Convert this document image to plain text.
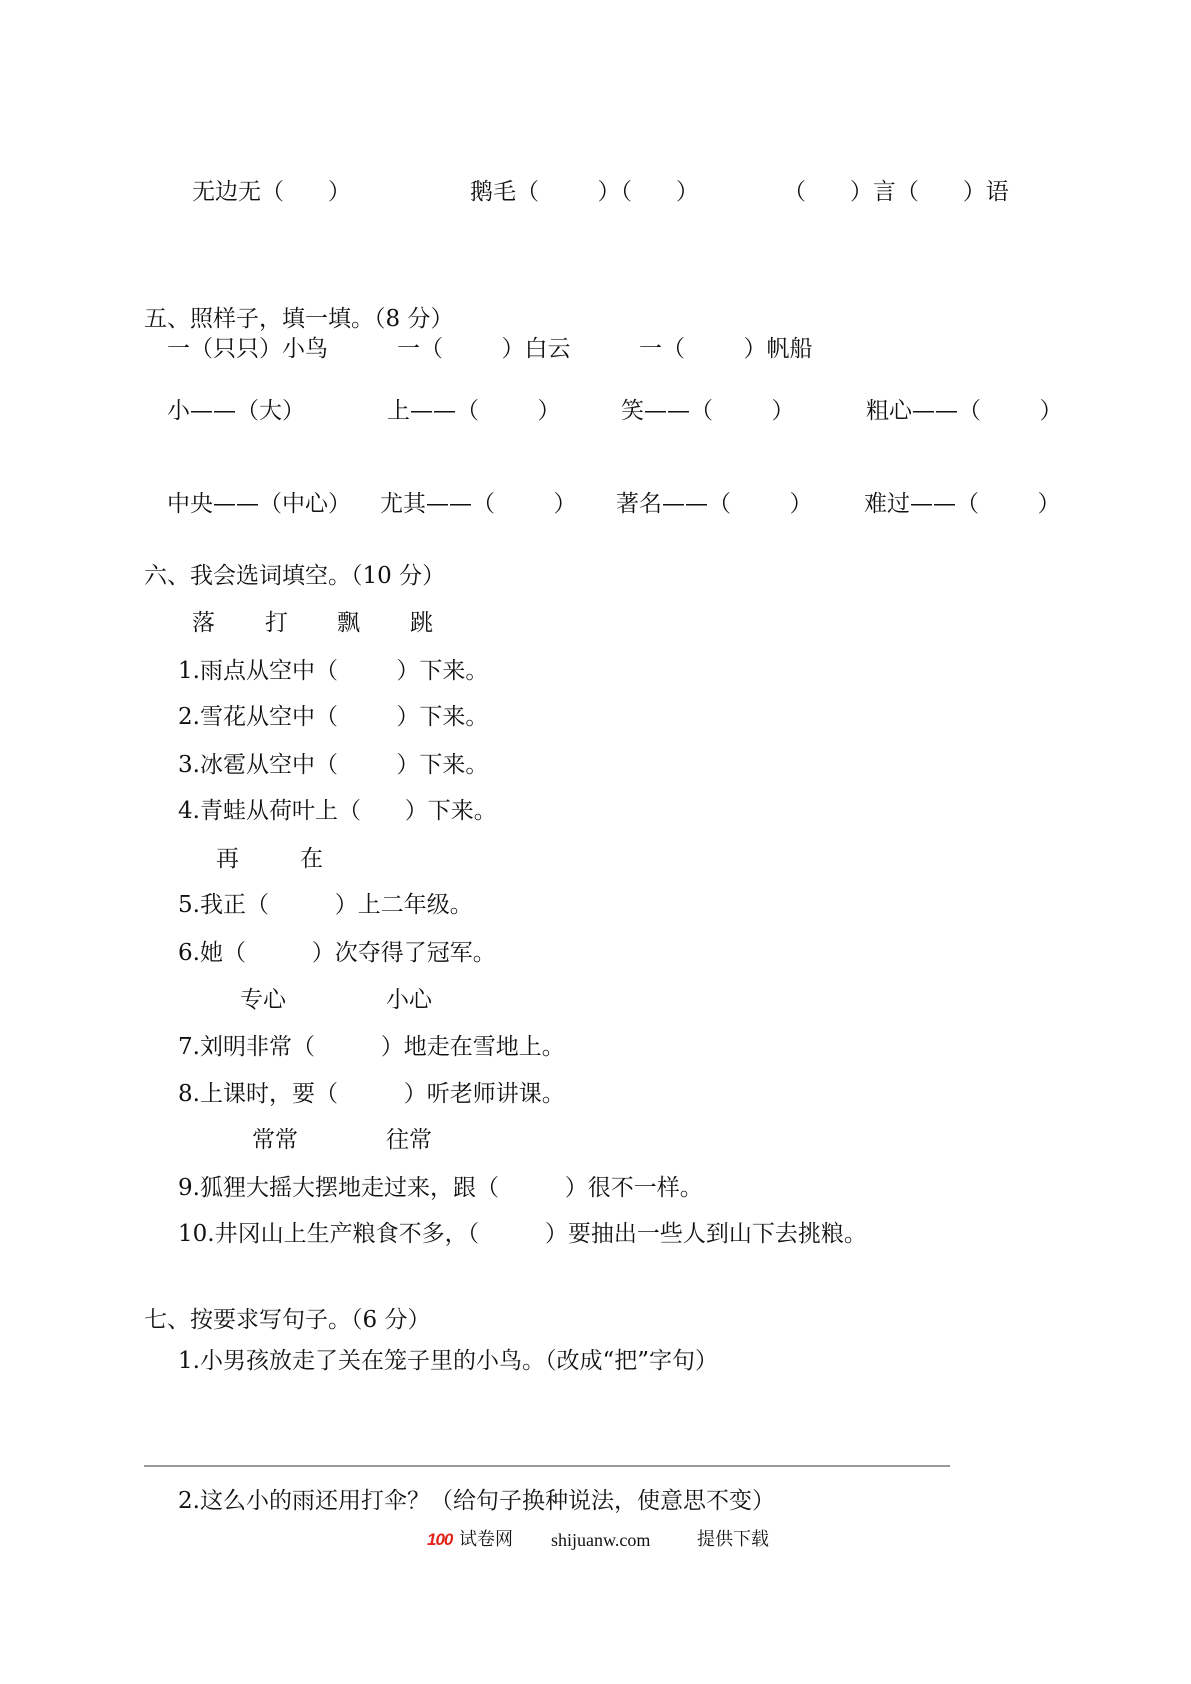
无边无（      ）	鹅毛（        ）（      ）	（      ）言（      ）语
五、照样子，填一填。（8 分）
一（只只）小鸟	一（        ）白云	一（        ）帆船
小——（大）	上——（        ）	笑——（        ）	粗心——（        ）
中央——（中心） 尤其——（        ） 著名——（        ） 难过——（        ）
六、我会选词填空。（10 分）
落 打 飘 跳
1.雨点从空中（        ）下来。
2.雪花从空中（        ）下来。
3.冰雹从空中（        ）下来。
4.青蛙从荷叶上（      ）下来。
再	在
5.我正（         ）上二年级。
6.她（         ）次夺得了冠军。
专心	小心
7.刘明非常（         ）地走在雪地上。
8.上课时，要（         ）听老师讲课。
常常	往常
9.狐狸大摇大摆地走过来，跟（         ）很不一样。
10.井冈山上生产粮食不多，（         ）要抽出一些人到山下去挑粮。
七、按要求写句子。（6 分）
1.小男孩放走了关在笼子里的小鸟。（改成“把”字句）
2.这么小的雨还用打伞？（给句子换种说法，使意思不变）
100 试卷网 shijuanw.com	提供下载
